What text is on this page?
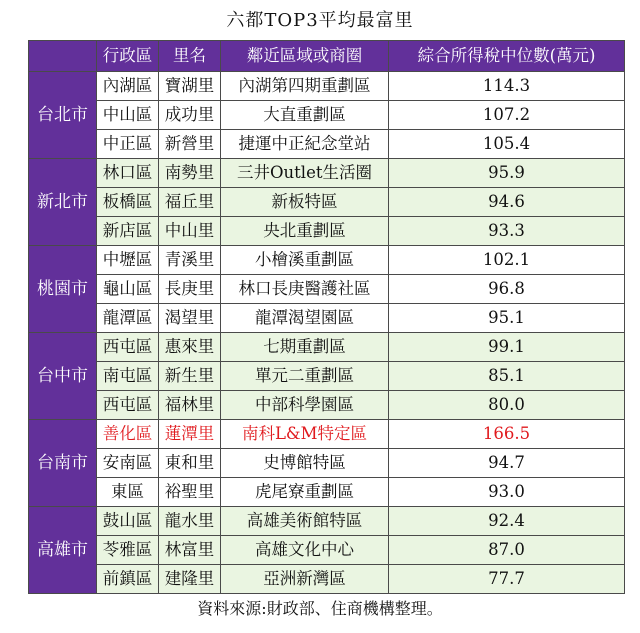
六都TOP3平均最富里
	行政區	里名	鄰近區域或商圈	綜合所得稅中位數(萬元)
台北市	內湖區	寶湖里	內湖第四期重劃區	114.3
	中山區	成功里	大直重劃區	107.2
	中正區	新營里	捷運中正紀念堂站	105.4
新北市	林口區	南勢里	三井Outlet生活圈	95.9
	板橋區	福丘里	新板特區	94.6
	新店區	中山里	央北重劃區	93.3
桃園市	中壢區	青溪里	小檜溪重劃區	102.1
	龜山區	長庚里	林口長庚醫護社區	96.8
	龍潭區	渴望里	龍潭渴望園區	95.1
台中市	西屯區	惠來里	七期重劃區	99.1
	南屯區	新生里	單元二重劃區	85.1
	西屯區	福林里	中部科學園區	80.0
台南市	善化區	蓮潭里	南科L&M特定區	166.5
	安南區	東和里	史博館特區	94.7
	東區	裕聖里	虎尾寮重劃區	93.0
高雄市	鼓山區	龍水里	高雄美術館特區	92.4
	苓雅區	林富里	高雄文化中心	87.0
	前鎮區	建隆里	亞洲新灣區	77.7
資料來源:財政部、住商機構整理。
